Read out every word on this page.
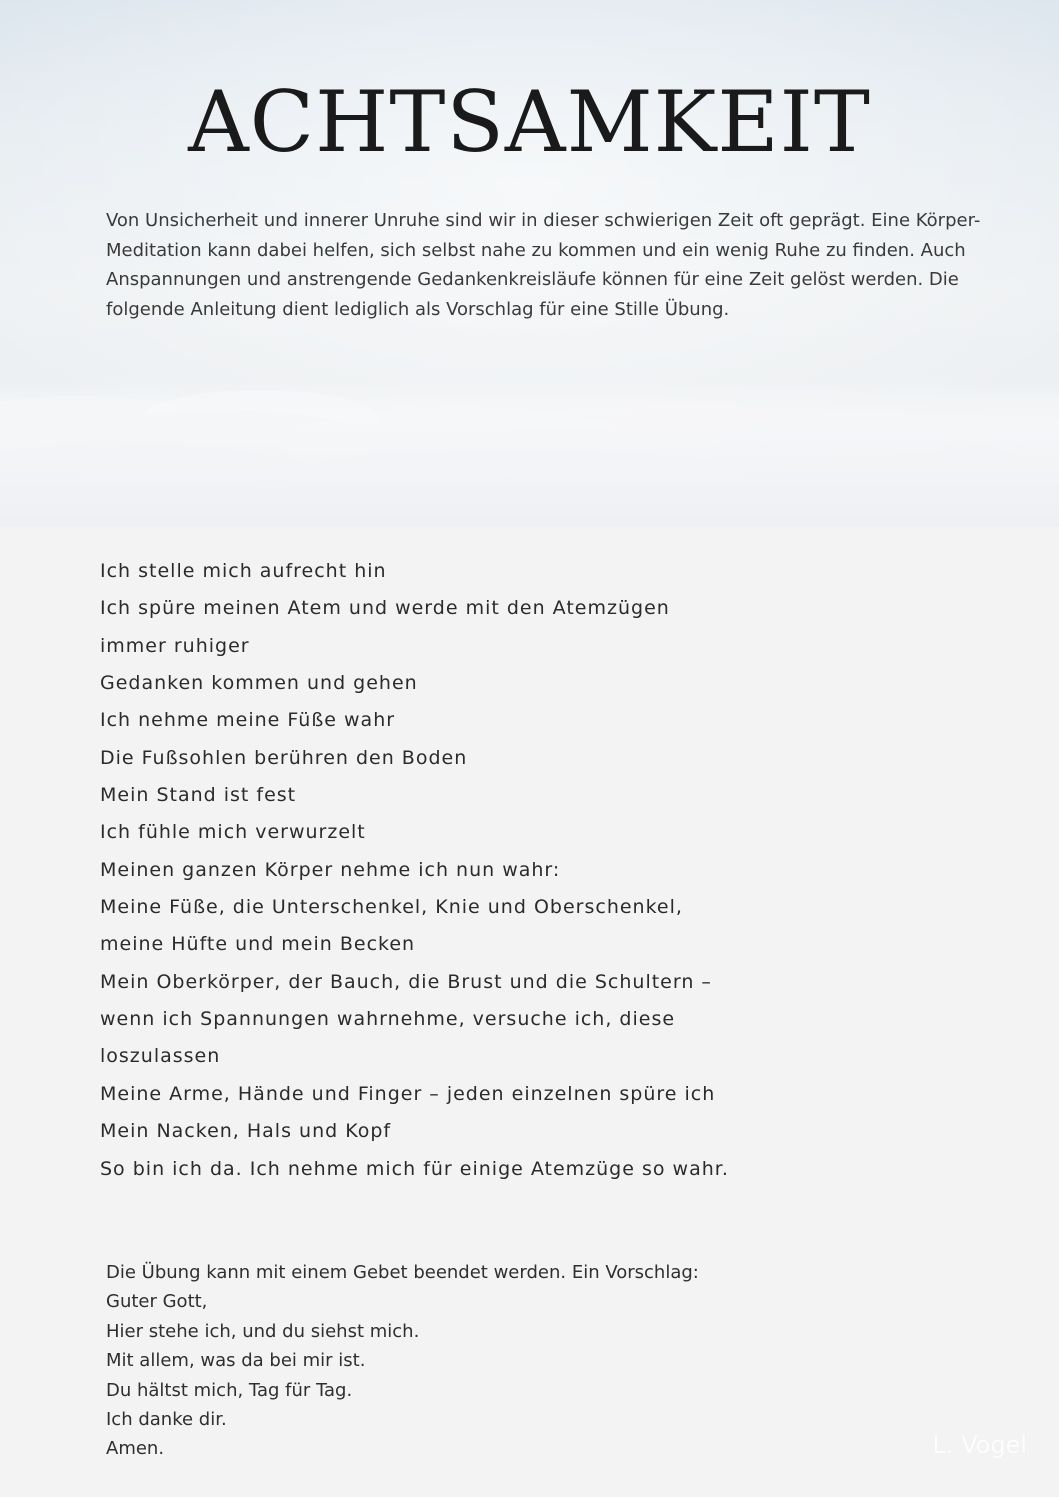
ACHTSAMKEIT

Von Unsicherheit und innerer Unruhe sind wir in dieser schwierigen Zeit oft geprägt. Eine Körper-Meditation kann dabei helfen, sich selbst nahe zu kommen und ein wenig Ruhe zu finden. Auch Anspannungen und anstrengende Gedankenkreisläufe können für eine Zeit gelöst werden. Die folgende Anleitung dient lediglich als Vorschlag für eine Stille Übung.

Ich stelle mich aufrecht hin
Ich spüre meinen Atem und werde mit den Atemzügen
immer ruhiger
Gedanken kommen und gehen
Ich nehme meine Füße wahr
Die Fußsohlen berühren den Boden
Mein Stand ist fest
Ich fühle mich verwurzelt
Meinen ganzen Körper nehme ich nun wahr:
Meine Füße, die Unterschenkel, Knie und Oberschenkel,
meine Hüfte und mein Becken
Mein Oberkörper, der Bauch, die Brust und die Schultern –
wenn ich Spannungen wahrnehme, versuche ich, diese
loszulassen
Meine Arme, Hände und Finger – jeden einzelnen spüre ich
Mein Nacken, Hals und Kopf
So bin ich da. Ich nehme mich für einige Atemzüge so wahr.
Die Übung kann mit einem Gebet beendet werden. Ein Vorschlag:
Guter Gott,
Hier stehe ich, und du siehst mich.
Mit allem, was da bei mir ist.
Du hältst mich, Tag für Tag.
Ich danke dir.
Amen.	L. Vogel
